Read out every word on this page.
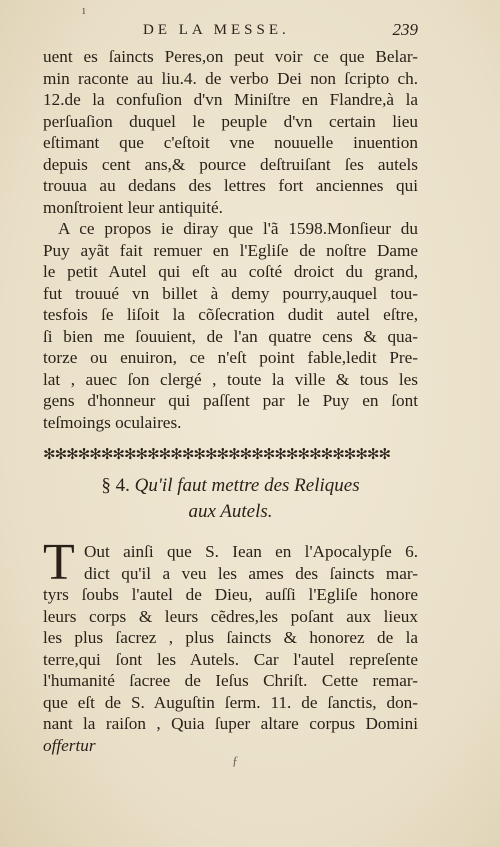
ı
DE LA MESSE.	239
uent es ſaincts Peres,on peut voir ce que Belar-
min raconte au liu.4. de verbo Dei non ſcripto ch.
12.de la confuſion d'vn Miniſtre en Flandre,à la
perſuaſion duquel le peuple d'vn certain lieu
eſtimant que c'eſtoit vne nouuelle inuention
depuis cent ans,& pource deſtruiſant ſes autels
trouua au dedans des lettres fort anciennes qui
monſtroient leur antiquité.
A ce propos ie diray que l'ã 1598.Monſieur du
Puy ayãt fait remuer en l'Egliſe de noſtre Dame
le petit Autel qui eſt au coſté droict du grand,
fut trouué vn billet à demy pourry,auquel tou-
tesfois ſe liſoit la cõſecration dudit autel eſtre,
ſi bien me ſouuient, de l'an quatre cens & qua-
torze ou enuiron, ce n'eſt point fable,ledit Pre-
lat , auec ſon clergé , toute la ville & tous les
gens d'honneur qui paſſent par le Puy en ſont
teſmoings oculaires.
✻✻✻✻✻✻✻✻✻✻✻✻✻✻✻✻✻✻✻✻✻✻✻✻✻✻✻✻✻✻
§ 4. Qu'il faut mettre des Reliques
aux Autels.
T Out ainſi que S. Iean en l'Apocalypſe 6.
dict qu'il a veu les ames des ſaincts mar-
tyrs ſoubs l'autel de Dieu, auſſi l'Egliſe honore
leurs corps & leurs cẽdres,les poſant aux lieux
les plus ſacrez , plus ſaincts & honorez de la
terre,qui ſont les Autels. Car l'autel repreſente
l'humanité ſacree de Ieſus Chriſt. Cette remar-
que eſt de S. Auguſtin ſerm. 11. de ſanctis, don-
nant la raiſon , Quia ſuper altare corpus Domini
offertur
ƒ
